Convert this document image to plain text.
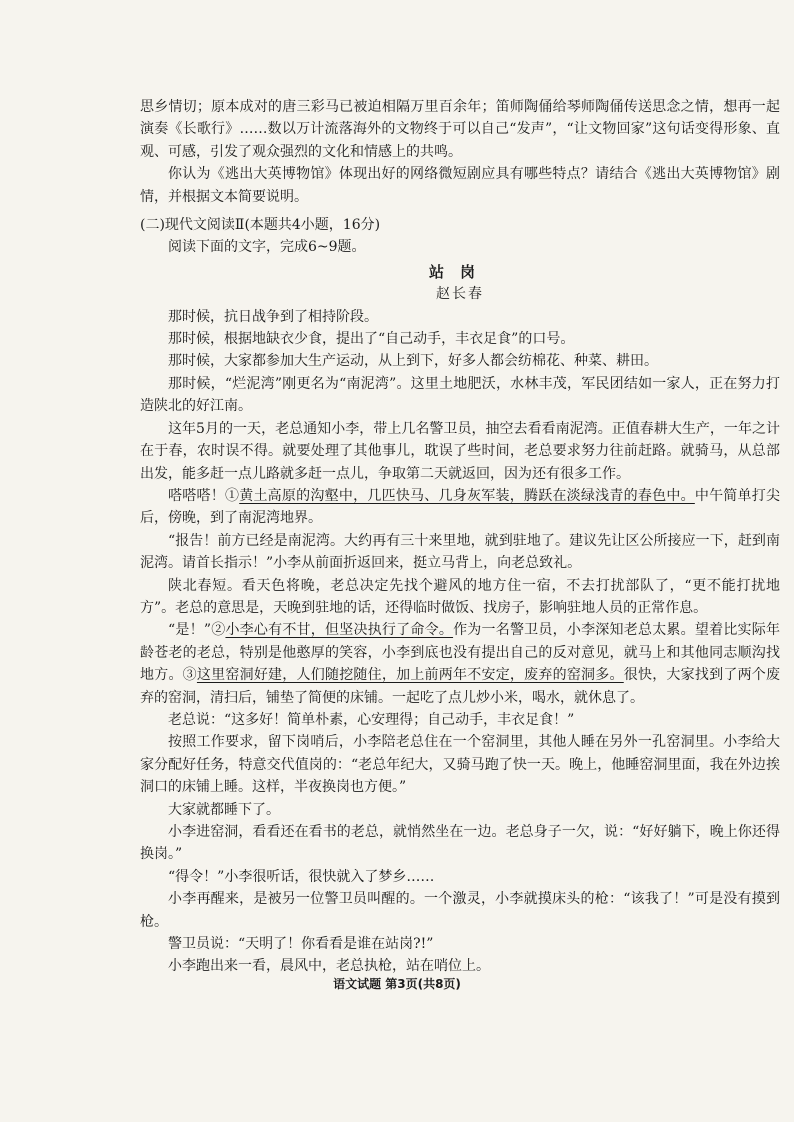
思乡情切；原本成对的唐三彩马已被迫相隔万里百余年；笛师陶俑给琴师陶俑传送思念之情，想再一起演奏《长歌行》……数以万计流落海外的文物终于可以自己“发声”，“让文物回家”这句话变得形象、直观、可感，引发了观众强烈的文化和情感上的共鸣。

你认为《逃出大英博物馆》体现出好的网络微短剧应具有哪些特点？请结合《逃出大英博物馆》剧情，并根据文本简要说明。

(二)现代文阅读Ⅱ(本题共4小题，16分)

阅读下面的文字，完成6~9题。

站岗

赵长春

那时候，抗日战争到了相持阶段。

那时候，根据地缺衣少食，提出了“自己动手，丰衣足食”的口号。

那时候，大家都参加大生产运动，从上到下，好多人都会纺棉花、种菜、耕田。

那时候，“烂泥湾”刚更名为“南泥湾”。这里土地肥沃，水林丰茂，军民团结如一家人，正在努力打造陕北的好江南。

这年5月的一天，老总通知小李，带上几名警卫员，抽空去看看南泥湾。正值春耕大生产，一年之计在于春，农时误不得。就要处理了其他事儿，耽误了些时间，老总要求努力往前赶路。就骑马，从总部出发，能多赶一点儿路就多赶一点儿，争取第二天就返回，因为还有很多工作。

嗒嗒嗒！①黄土高原的沟壑中，几匹快马、几身灰军装，腾跃在淡绿浅青的春色中。中午简单打尖后，傍晚，到了南泥湾地界。

“报告！前方已经是南泥湾。大约再有三十来里地，就到驻地了。建议先让区公所接应一下，赶到南泥湾。请首长指示！”小李从前面折返回来，挺立马背上，向老总致礼。

陕北春短。看天色将晚，老总决定先找个避风的地方住一宿，不去打扰部队了，“更不能打扰地方”。老总的意思是，天晚到驻地的话，还得临时做饭、找房子，影响驻地人员的正常作息。

“是！”②小李心有不甘，但坚决执行了命令。作为一名警卫员，小李深知老总太累。望着比实际年龄苍老的老总，特别是他憨厚的笑容，小李到底也没有提出自己的反对意见，就马上和其他同志顺沟找地方。③这里窑洞好建，人们随挖随住，加上前两年不安定，废弃的窑洞多。很快，大家找到了两个废弃的窑洞，清扫后，铺垫了简便的床铺。一起吃了点儿炒小米，喝水，就休息了。

老总说：“这多好！简单朴素，心安理得；自己动手，丰衣足食！”

按照工作要求，留下岗哨后，小李陪老总住在一个窑洞里，其他人睡在另外一孔窑洞里。小李给大家分配好任务，特意交代值岗的：“老总年纪大，又骑马跑了快一天。晚上，他睡窑洞里面，我在外边挨洞口的床铺上睡。这样，半夜换岗也方便。”

大家就都睡下了。

小李进窑洞，看看还在看书的老总，就悄然坐在一边。老总身子一欠，说：“好好躺下，晚上你还得换岗。”

“得令！”小李很听话，很快就入了梦乡……

小李再醒来，是被另一位警卫员叫醒的。一个激灵，小李就摸床头的枪：“该我了！”可是没有摸到枪。

警卫员说：“天明了！你看看是谁在站岗?!”

小李跑出来一看，晨风中，老总执枪，站在哨位上。

语文试题 第3页(共8页)
